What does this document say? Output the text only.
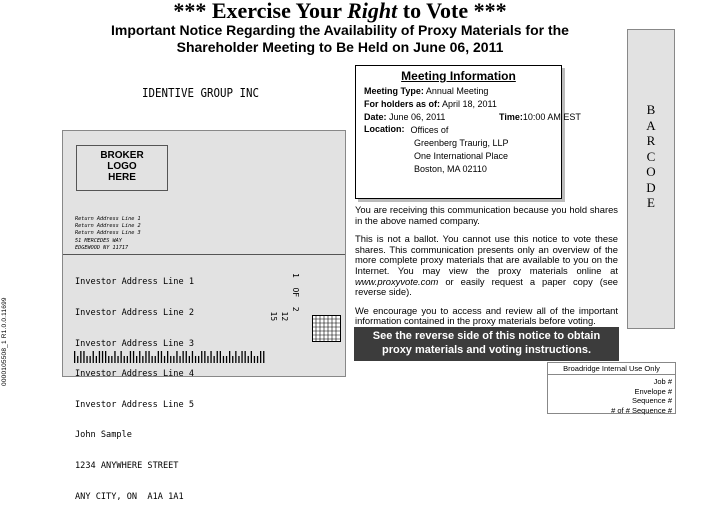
*** Exercise Your Right to Vote ***
Important Notice Regarding the Availability of Proxy Materials for the
Shareholder Meeting to Be Held on June 06, 2011
IDENTIVE GROUP INC
Meeting Information
Meeting Type: Annual Meeting
For holders as of: April 18, 2011
Date: June 06, 2011	Time:10:00 AM EST
Location: Offices of
Greenberg Traurig, LLP
One International Place
Boston, MA 02110
B
A
R
C
O
D
E
BROKER
LOGO
HERE
Return Address Line 1
Return Address Line 2
Return Address Line 3
51 MERCEDES WAY
EDGEWOOD NY 11717

Investor Address Line 1

Investor Address Line 2

Investor Address Line 3

Investor Address Line 4

Investor Address Line 5

John Sample

1234 ANYWHERE STREET

ANY CITY, ON  A1A 1A1

1  OF  2
12
15
0000105508_1 R1.0.0.11699

You are receiving this communication because you hold shares in the above named company.

This is not a ballot. You cannot use this notice to vote these shares. This communication presents only an overview of the more complete proxy materials that are available to you on the Internet. You may view the proxy materials online at www.proxyvote.com or easily request a paper copy (see reverse side).

We encourage you to access and review all of the important information contained in the proxy materials before voting.

See the reverse side of this notice to obtain
proxy materials and voting instructions.
Broadridge Internal Use Only
Job #
Envelope #
Sequence #
# of # Sequence #
